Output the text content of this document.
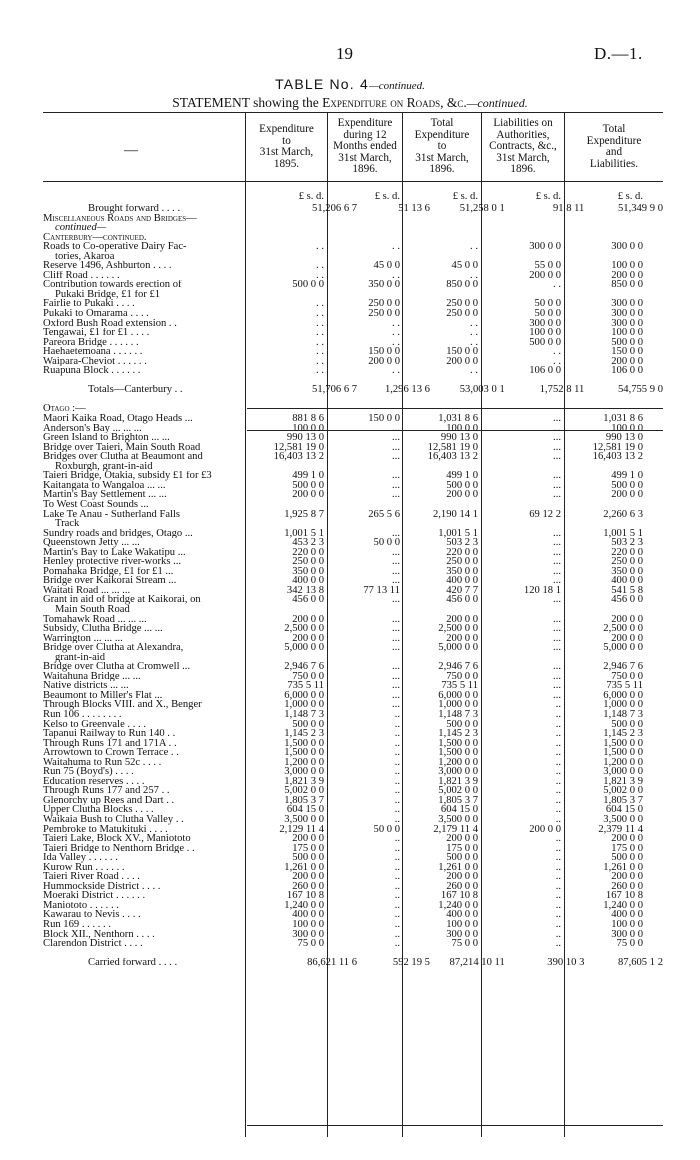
19	D.—1.
TABLE No. 4—continued.
STATEMENT showing the Expenditure on Roads, &c.—continued.
—
Expenditure
to
31st March,
1895.
Expenditure
during 12
Months ended
31st March,
1896.
Total
Expenditure
to
31st March,
1896.
Liabilities on
Authorities,
Contracts, &c.,
31st March,
1896.
Total
Expenditure
and
Liabilities.
£ s. d.	£ s. d.	£ s. d.	£ s. d.	£ s. d.
Brought forward . . . .	51,206 6 7	51 13 6	51,258 0 1	91 8 11	51,349 9 0
Miscellaneous Roads and Bridges—
continued—
Canterbury—continued.
Roads to Co-operative Dairy Fac-	. .	. .	. .	300 0 0	300 0 0
tories, Akaroa
Reserve 1496, Ashburton . . . .	. .	45 0 0	45 0 0	55 0 0	100 0 0
Cliff Road . . . . . .	. .	. .	. .	200 0 0	200 0 0
Contribution towards erection of	500 0 0	350 0 0	850 0 0	. .	850 0 0
Pukaki Bridge, £1 for £1
Fairlie to Pukaki . . . .	. .	250 0 0	250 0 0	50 0 0	300 0 0
Pukaki to Omarama . . . .	. .	250 0 0	250 0 0	50 0 0	300 0 0
Oxford Bush Road extension . .	. .	. .	. .	300 0 0	300 0 0
Tengawai, £1 for £1 . . . .	. .	. .	. .	100 0 0	100 0 0
Pareora Bridge . . . . . .	. .	. .	. .	500 0 0	500 0 0
Haehaetemoana . . . . . .	. .	150 0 0	150 0 0	. .	150 0 0
Waipara-Cheviot . . . . . .	. .	200 0 0	200 0 0	. .	200 0 0
Ruapuna Block . . . . . .	. .	. .	. .	106 0 0	106 0 0
Totals—Canterbury . .	51,706 6 7	1,296 13 6	53,003 0 1	1,752 8 11	54,755 9 0
Otago :—
Maori Kaika Road, Otago Heads ...	881 8 6	150 0 0	1,031 8 6	...	1,031 8 6
Anderson's Bay ... ... ...	100 0 0	...	100 0 0	...	100 0 0
Green Island to Brighton ... ...	990 13 0	...	990 13 0	...	990 13 0
Bridge over Taieri, Main South Road	12,581 19 0	...	12,581 19 0	...	12,581 19 0
Bridges over Clutha at Beaumont and	16,403 13 2	...	16,403 13 2	...	16,403 13 2
Roxburgh, grant-in-aid
Taieri Bridge, Otakia, subsidy £1 for £3	499 1 0	...	499 1 0	...	499 1 0
Kaitangata to Wangaloa ... ...	500 0 0	...	500 0 0	...	500 0 0
Martin's Bay Settlement ... ...	200 0 0	...	200 0 0	...	200 0 0
To West Coast Sounds ...
Lake Te Anau - Sutherland Falls	1,925 8 7	265 5 6	2,190 14 1	69 12 2	2,260 6 3
Track
Sundry roads and bridges, Otago ...	1,001 5 1	...	1,001 5 1	...	1,001 5 1
Queenstown Jetty ... ...	453 2 3	50 0 0	503 2 3	...	503 2 3
Martin's Bay to Lake Wakatipu ...	220 0 0	...	220 0 0	...	220 0 0
Henley protective river-works ...	250 0 0	...	250 0 0	...	250 0 0
Pomahaka Bridge, £1 for £1 ...	350 0 0	...	350 0 0	...	350 0 0
Bridge over Kaikorai Stream ...	400 0 0	...	400 0 0	...	400 0 0
Waitati Road ... ... ...	342 13 8	77 13 11	420 7 7	120 18 1	541 5 8
Grant in aid of bridge at Kaikorai, on	456 0 0	...	456 0 0	...	456 0 0
Main South Road
Tomahawk Road ... ... ...	200 0 0	...	200 0 0	...	200 0 0
Subsidy, Clutha Bridge ... ...	2,500 0 0	...	2,500 0 0	...	2,500 0 0
Warrington ... ... ...	200 0 0	...	200 0 0	...	200 0 0
Bridge over Clutha at Alexandra,	5,000 0 0	...	5,000 0 0	...	5,000 0 0
grant-in-aid
Bridge over Clutha at Cromwell ...	2,946 7 6	...	2,946 7 6	...	2,946 7 6
Waitahuna Bridge ... ...	750 0 0	...	750 0 0	...	750 0 0
Native districts ... ...	735 5 11	...	735 5 11	...	735 5 11
Beaumont to Miller's Flat ...	6,000 0 0	...	6,000 0 0	...	6,000 0 0
Through Blocks VIII. and X., Benger	1,000 0 0	...	1,000 0 0	..	1,000 0 0
Run 106 . . . . . . . .	1,148 7 3	..	1,148 7 3	..	1,148 7 3
Kelso to Greenvale . . . .	500 0 0	..	500 0 0	..	500 0 0
Tapanui Railway to Run 140 . .	1,145 2 3	..	1,145 2 3	..	1,145 2 3
Through Runs 171 and 171A . .	1,500 0 0	..	1,500 0 0	..	1,500 0 0
Arrowtown to Crown Terrace . .	1,500 0 0	..	1,500 0 0	..	1,500 0 0
Waitahuma to Run 52c . . . .	1,200 0 0	..	1,200 0 0	..	1,200 0 0
Run 75 (Boyd's) . . . .	3,000 0 0	..	3,000 0 0	..	3,000 0 0
Education reserves . . . .	1,821 3 9	..	1,821 3 9	..	1,821 3 9
Through Runs 177 and 257 . .	5,002 0 0	..	5,002 0 0	..	5,002 0 0
Glenorchy up Rees and Dart . .	1,805 3 7	..	1,805 3 7	..	1,805 3 7
Upper Clutha Blocks . . . .	604 15 0	..	604 15 0	..	604 15 0
Waikaia Bush to Clutha Valley . .	3,500 0 0	..	3,500 0 0	..	3,500 0 0
Pembroke to Matukituki . . . .	2,129 11 4	50 0 0	2,179 11 4	200 0 0	2,379 11 4
Taieri Lake, Block XV., Maniototo	200 0 0	..	200 0 0	..	200 0 0
Taieri Bridge to Nenthorn Bridge . .	175 0 0	..	175 0 0	..	175 0 0
Ida Valley . . . . . .	500 0 0	..	500 0 0	..	500 0 0
Kurow Run . . . . . .	1,261 0 0	..	1,261 0 0	..	1,261 0 0
Taieri River Road . . . .	200 0 0	..	200 0 0	..	200 0 0
Hummockside District . . . .	260 0 0	..	260 0 0	..	260 0 0
Moeraki District . . . . . .	167 10 8	..	167 10 8	..	167 10 8
Maniototo . . . . . .	1,240 0 0	..	1,240 0 0	..	1,240 0 0
Kawarau to Nevis . . . .	400 0 0	..	400 0 0	..	400 0 0
Run 169 . . . . . .	100 0 0	..	100 0 0	..	100 0 0
Block XII., Nenthorn . . . .	300 0 0	..	300 0 0	..	300 0 0
Clarendon District . . . .	75 0 0	..	75 0 0	..	75 0 0
Carried forward . . . .	86,621 11 6	592 19 5	87,214 10 11	390 10 3	87,605 1 2
